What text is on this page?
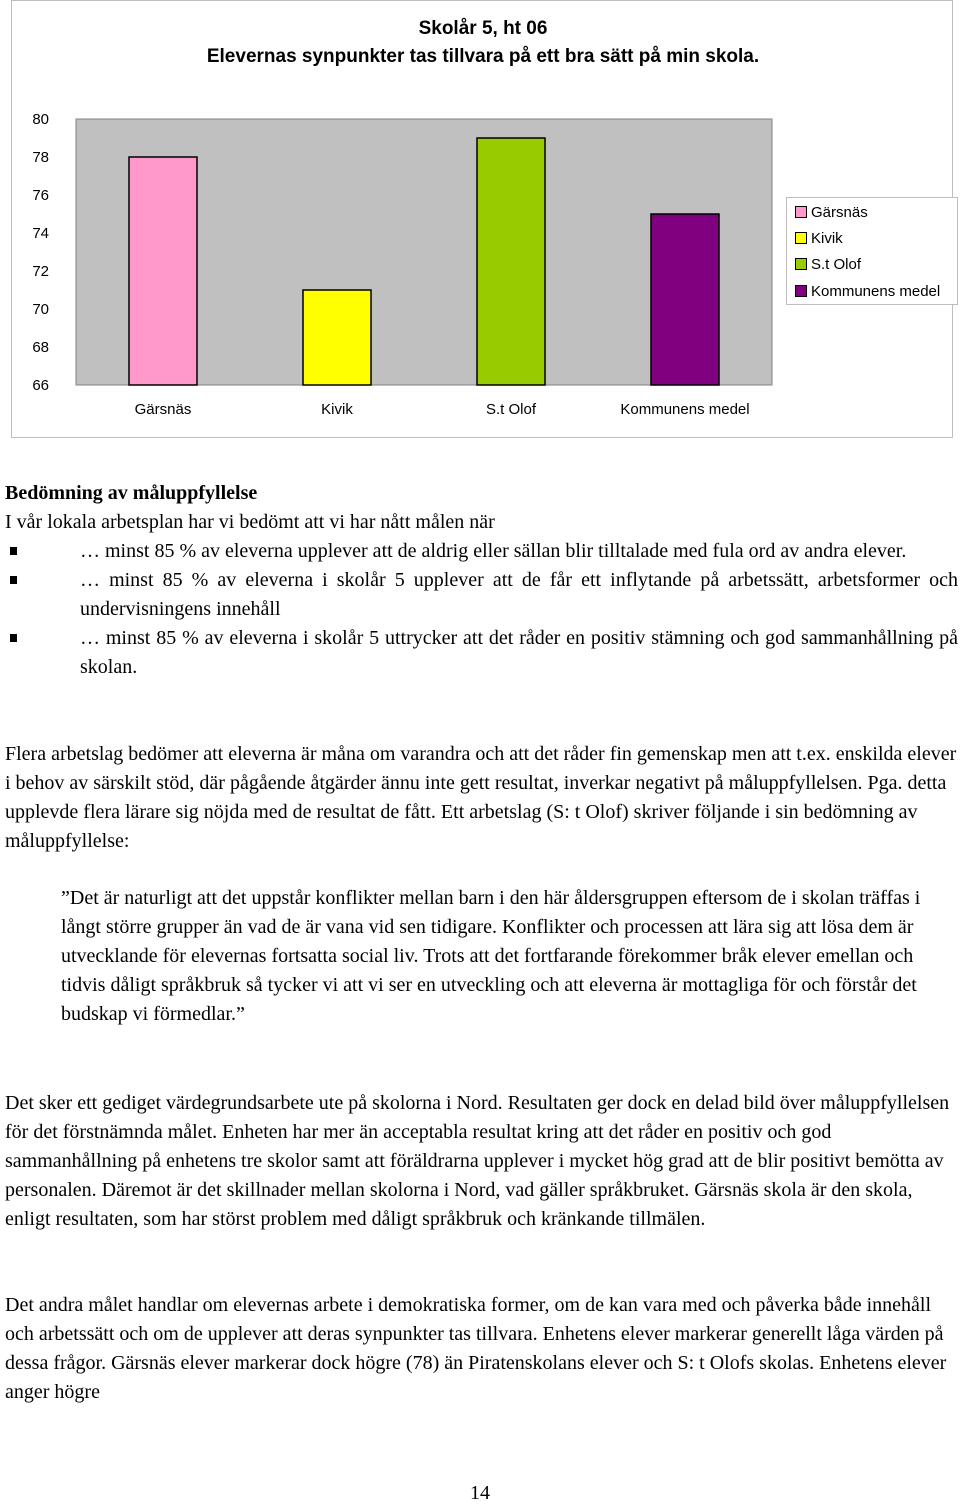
Skolår 5, ht 06
Elevernas synpunkter tas tillvara på ett bra sätt på min skola.
66
68
70
72
74
76
78
80
Gärsnäs	Kivik	S.t Olof	Kommunens medel
Gärsnäs
Kivik
S.t Olof
Kommunens medel
Bedömning av måluppfyllelse
I vår lokala arbetsplan har vi bedömt att vi har nått målen när
… minst 85 % av eleverna upplever att de aldrig eller sällan blir tilltalade med fula ord av andra elever.
… minst 85 % av eleverna i skolår 5 upplever att de får ett inflytande på arbetssätt, arbetsformer och undervisningens innehåll
… minst 85 % av eleverna i skolår 5 uttrycker att det råder en positiv stämning och god sammanhållning på skolan.

Flera arbetslag bedömer att eleverna är måna om varandra och att det råder fin gemenskap men att t.ex. enskilda elever i behov av särskilt stöd, där pågående åtgärder ännu inte gett resultat, inverkar negativt på måluppfyllelsen. Pga. detta upplevde flera lärare sig nöjda med de resultat de fått. Ett arbetslag (S: t Olof) skriver följande i sin bedömning av måluppfyllelse:

”Det är naturligt att det uppstår konflikter mellan barn i den här åldersgruppen eftersom de i skolan träffas i långt större grupper än vad de är vana vid sen tidigare. Konflikter och processen att lära sig att lösa dem är utvecklande för elevernas fortsatta social liv. Trots att det fortfarande förekommer bråk elever emellan och tidvis dåligt språkbruk så tycker vi att vi ser en utveckling och att eleverna är mottagliga för och förstår det budskap vi förmedlar.”

Det sker ett gediget värdegrundsarbete ute på skolorna i Nord. Resultaten ger dock en delad bild över måluppfyllelsen för det förstnämnda målet. Enheten har mer än acceptabla resultat kring att det råder en positiv och god sammanhållning på enhetens tre skolor samt att föräldrarna upplever i mycket hög grad att de blir positivt bemötta av personalen. Däremot är det skillnader mellan skolorna i Nord, vad gäller språkbruket. Gärsnäs skola är den skola, enligt resultaten, som har störst problem med dåligt språkbruk och kränkande tillmälen.

Det andra målet handlar om elevernas arbete i demokratiska former, om de kan vara med och påverka både innehåll och arbetssätt och om de upplever att deras synpunkter tas tillvara. Enhetens elever markerar generellt låga värden på dessa frågor. Gärsnäs elever markerar dock högre (78) än Piratenskolans elever och S: t Olofs skolas. Enhetens elever anger högre

14
